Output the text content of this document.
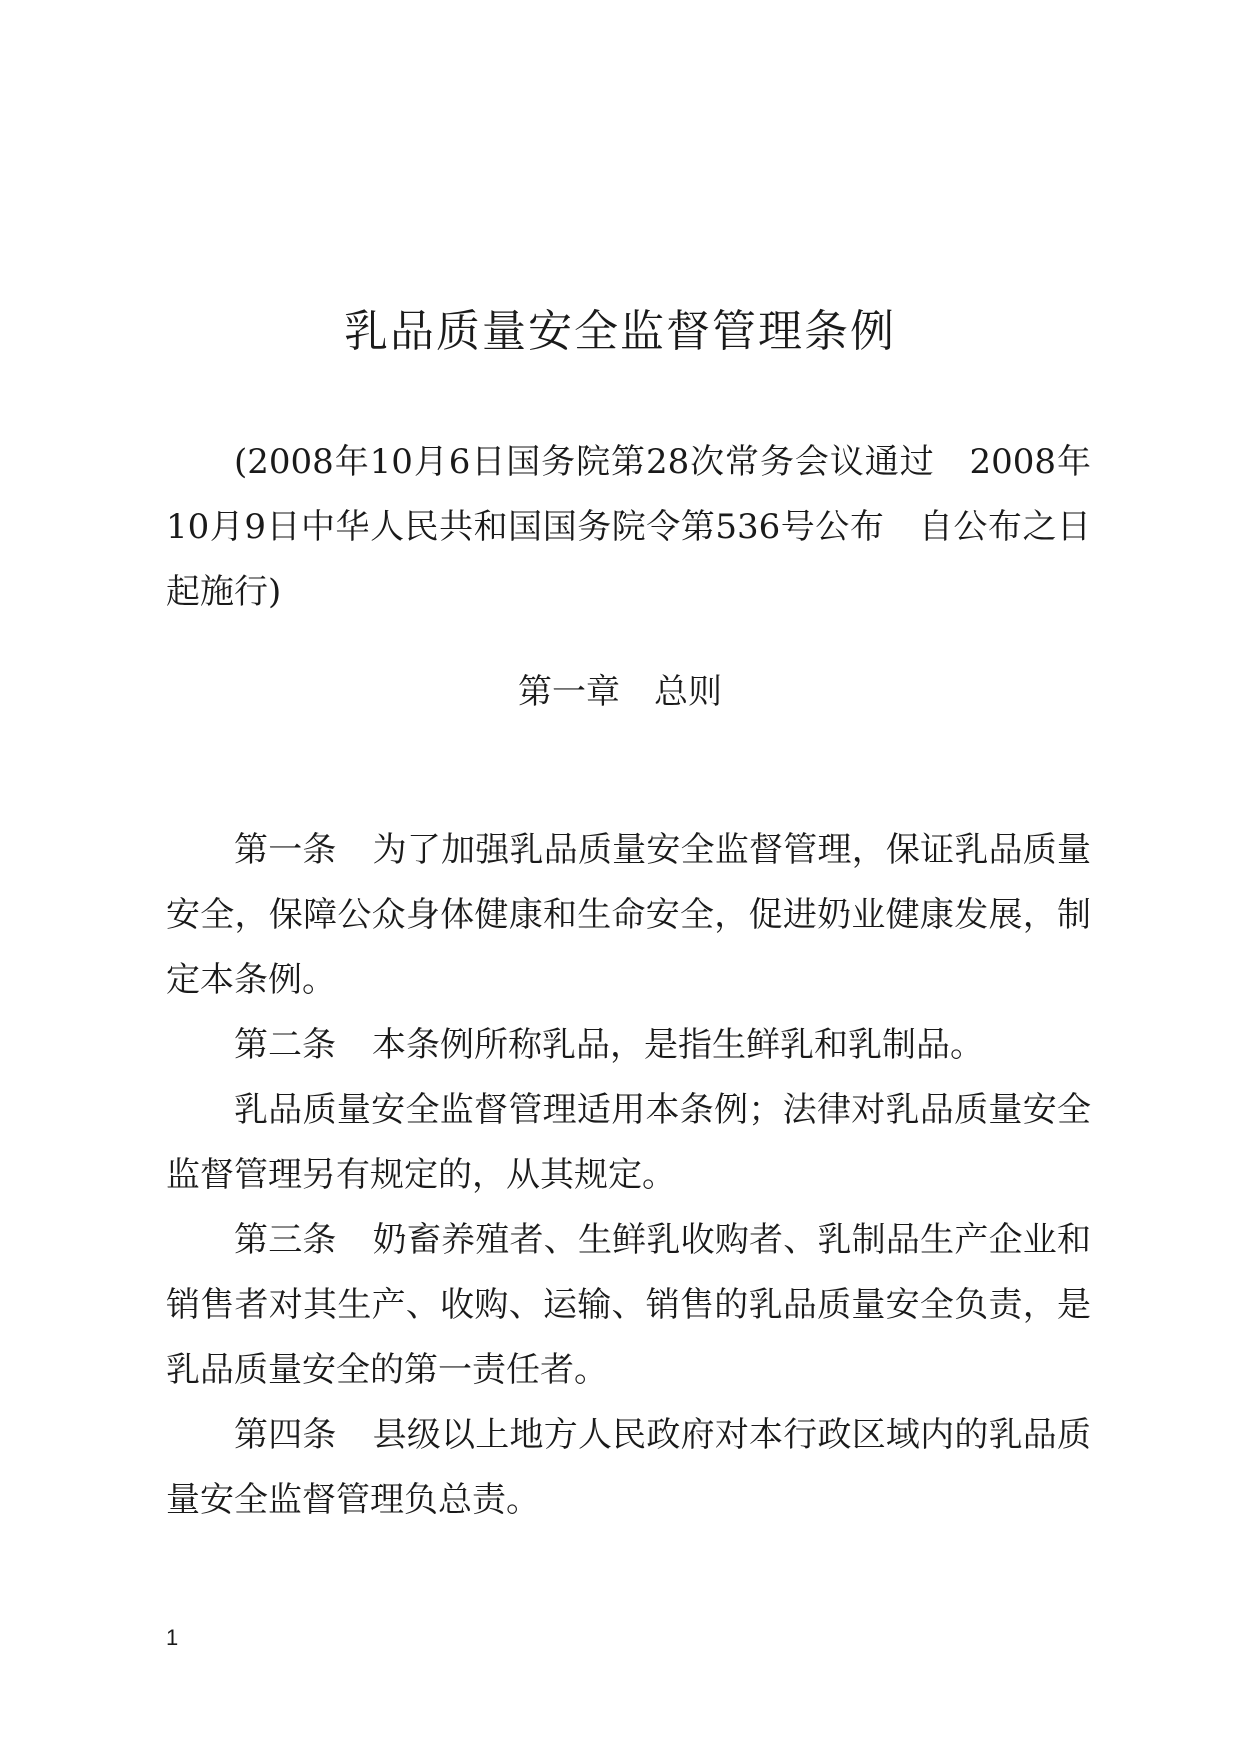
乳品质量安全监督管理条例

(2008年10月6日国务院第28次常务会议通过　2008年10月9日中华人民共和国国务院令第536号公布　自公布之日起施行)

第一章　总则

第一条 为了加强乳品质量安全监督管理，保证乳品质量安全，保障公众身体健康和生命安全，促进奶业健康发展，制定本条例。

第二条 本条例所称乳品，是指生鲜乳和乳制品。

乳品质量安全监督管理适用本条例；法律对乳品质量安全监督管理另有规定的，从其规定。

第三条 奶畜养殖者、生鲜乳收购者、乳制品生产企业和销售者对其生产、收购、运输、销售的乳品质量安全负责，是乳品质量安全的第一责任者。

第四条 县级以上地方人民政府对本行政区域内的乳品质量安全监督管理负总责。

1
